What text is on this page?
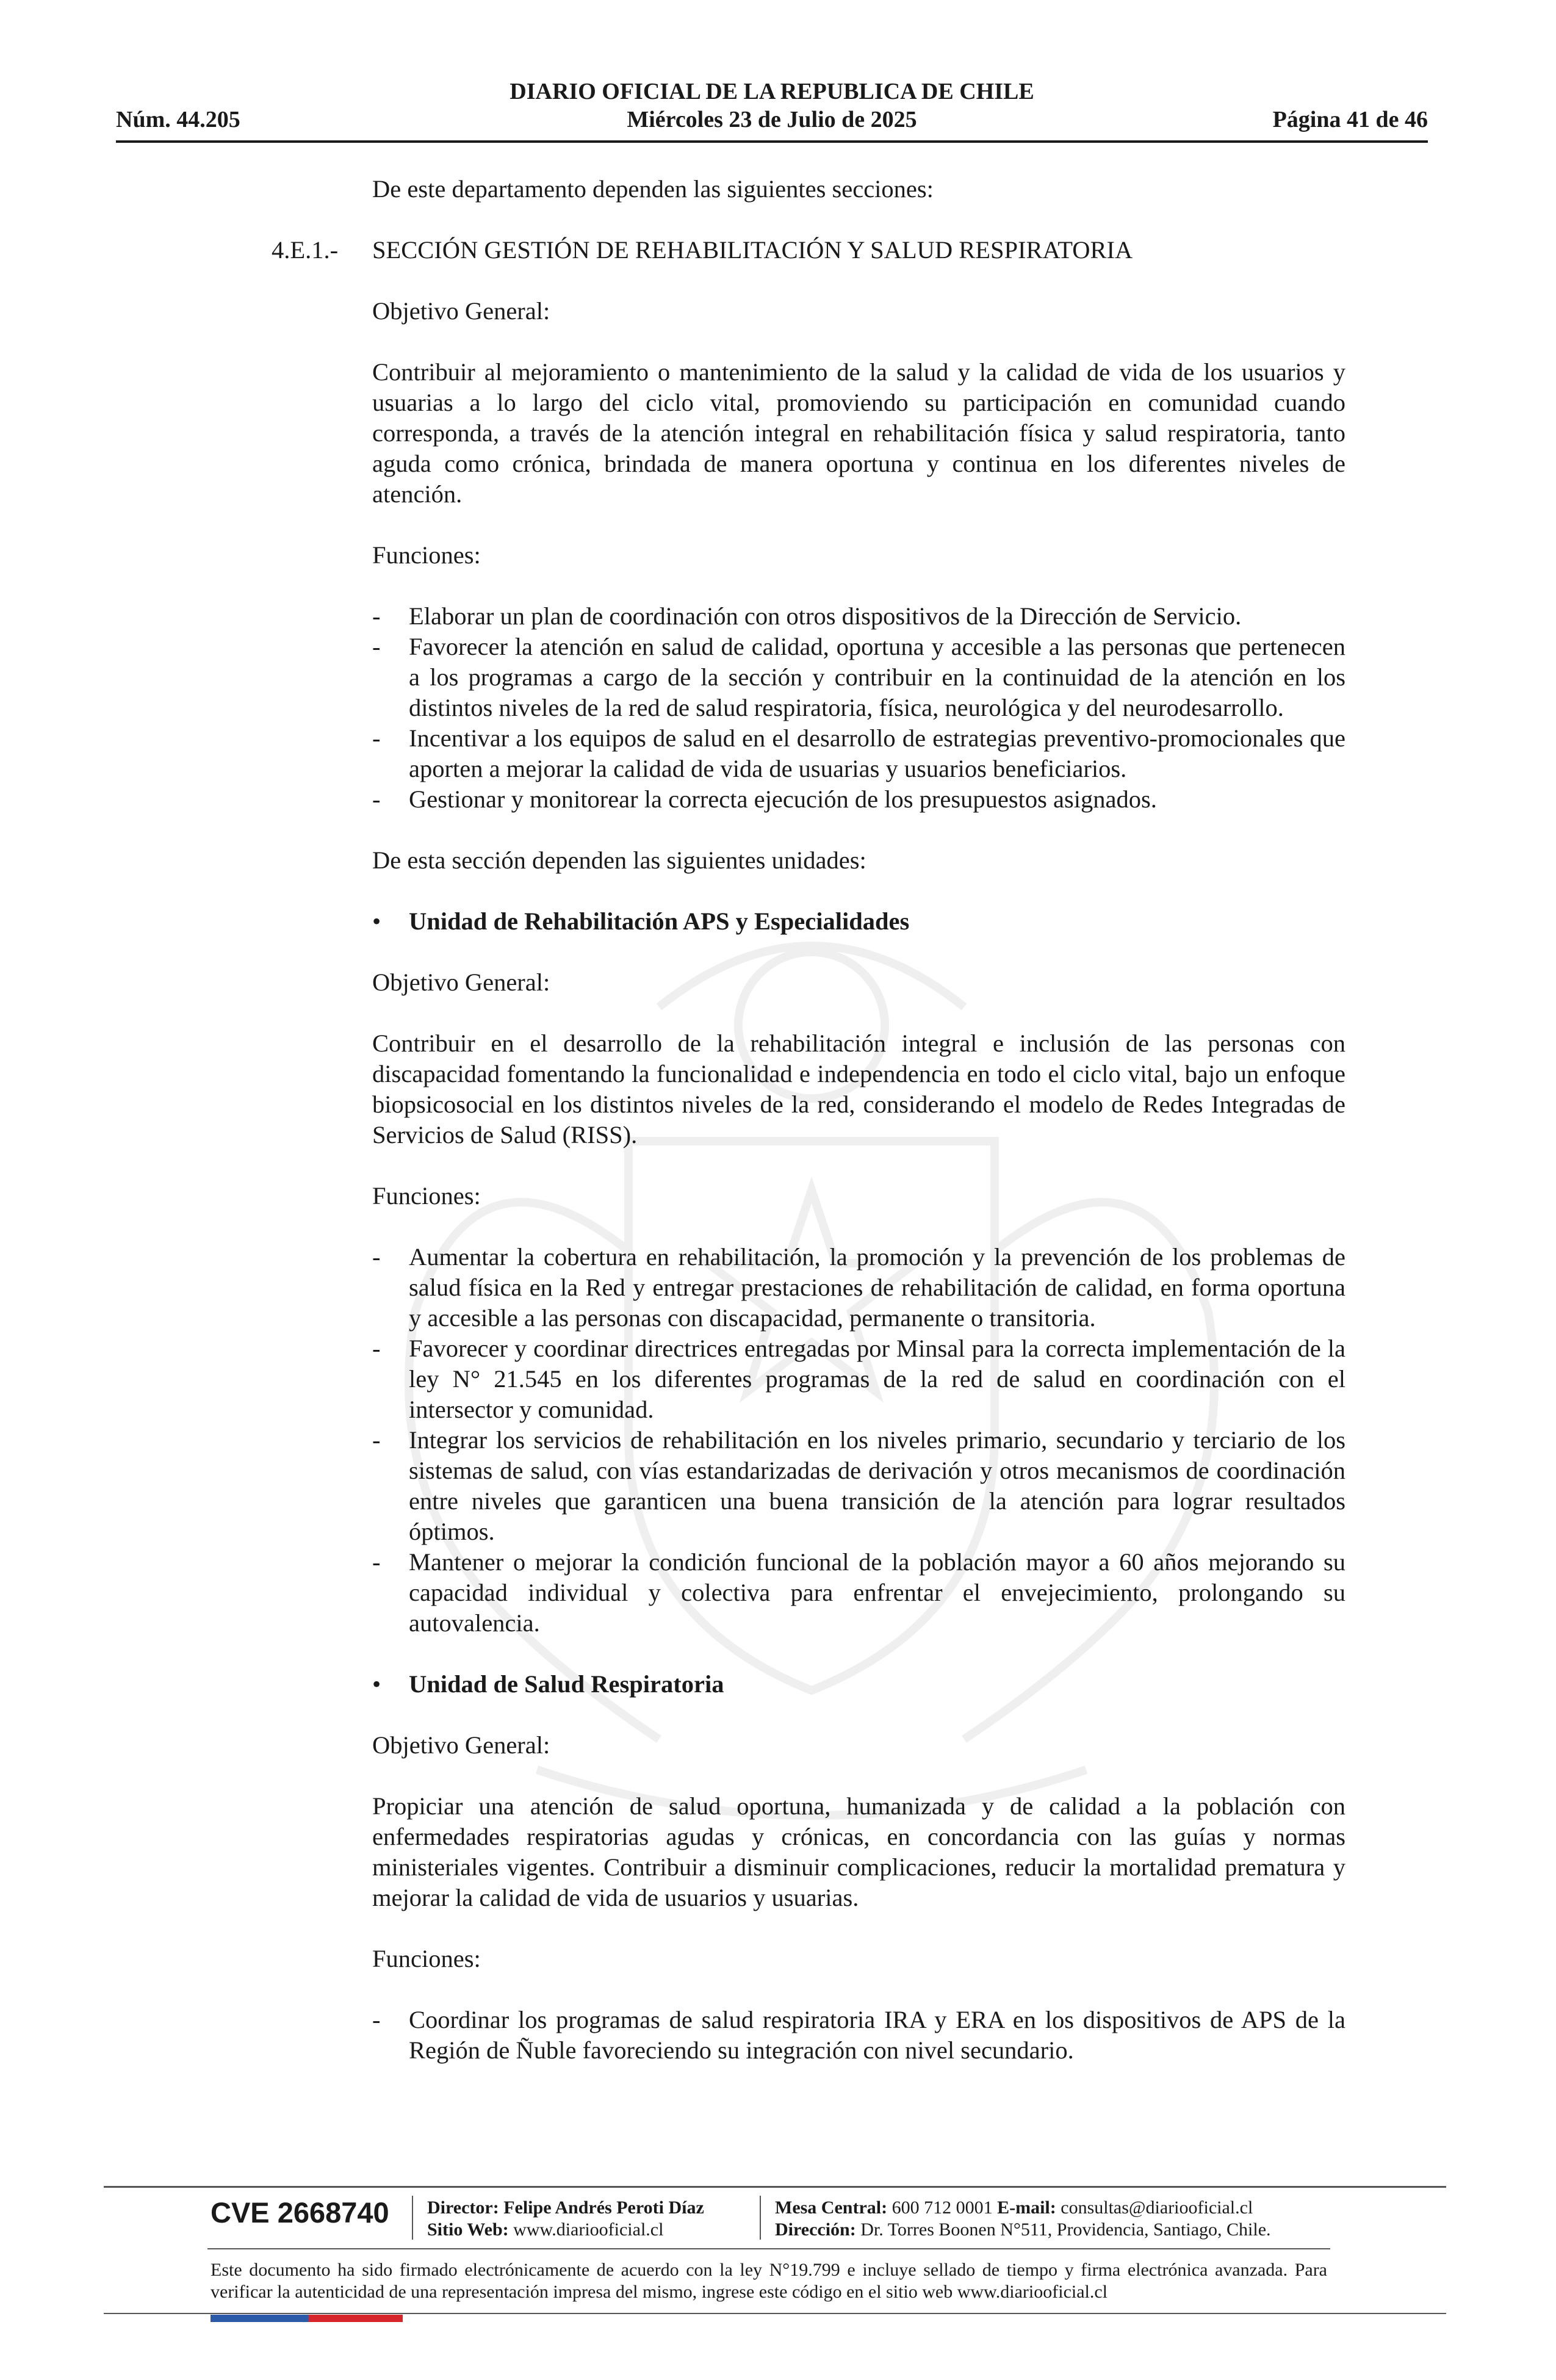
DIARIO OFICIAL DE LA REPUBLICA DE CHILE
Núm. 44.205	Miércoles 23 de Julio de 2025	Página 41 de 46

De este departamento dependen las siguientes secciones:

4.E.1.- SECCIÓN GESTIÓN DE REHABILITACIÓN Y SALUD RESPIRATORIA

Objetivo General:

Contribuir al mejoramiento o mantenimiento de la salud y la calidad de vida de los usuarios y usuarias a lo largo del ciclo vital, promoviendo su participación en comunidad cuando corresponda, a través de la atención integral en rehabilitación física y salud respiratoria, tanto aguda como crónica, brindada de manera oportuna y continua en los diferentes niveles de atención.

Funciones:

- Elaborar un plan de coordinación con otros dispositivos de la Dirección de Servicio.
- Favorecer la atención en salud de calidad, oportuna y accesible a las personas que pertenecen a los programas a cargo de la sección y contribuir en la continuidad de la atención en los distintos niveles de la red de salud respiratoria, física, neurológica y del neurodesarrollo.
- Incentivar a los equipos de salud en el desarrollo de estrategias preventivo-promocionales que aporten a mejorar la calidad de vida de usuarias y usuarios beneficiarios.
- Gestionar y monitorear la correcta ejecución de los presupuestos asignados.

De esta sección dependen las siguientes unidades:

• Unidad de Rehabilitación APS y Especialidades

Objetivo General:

Contribuir en el desarrollo de la rehabilitación integral e inclusión de las personas con discapacidad fomentando la funcionalidad e independencia en todo el ciclo vital, bajo un enfoque biopsicosocial en los distintos niveles de la red, considerando el modelo de Redes Integradas de Servicios de Salud (RISS).

Funciones:

- Aumentar la cobertura en rehabilitación, la promoción y la prevención de los problemas de salud física en la Red y entregar prestaciones de rehabilitación de calidad, en forma oportuna y accesible a las personas con discapacidad, permanente o transitoria.
- Favorecer y coordinar directrices entregadas por Minsal para la correcta implementación de la ley N° 21.545 en los diferentes programas de la red de salud en coordinación con el intersector y comunidad.
- Integrar los servicios de rehabilitación en los niveles primario, secundario y terciario de los sistemas de salud, con vías estandarizadas de derivación y otros mecanismos de coordinación entre niveles que garanticen una buena transición de la atención para lograr resultados óptimos.
- Mantener o mejorar la condición funcional de la población mayor a 60 años mejorando su capacidad individual y colectiva para enfrentar el envejecimiento, prolongando su autovalencia.
• Unidad de Salud Respiratoria

Objetivo General:

Propiciar una atención de salud oportuna, humanizada y de calidad a la población con enfermedades respiratorias agudas y crónicas, en concordancia con las guías y normas ministeriales vigentes. Contribuir a disminuir complicaciones, reducir la mortalidad prematura y mejorar la calidad de vida de usuarios y usuarias.

Funciones:

- Coordinar los programas de salud respiratoria IRA y ERA en los dispositivos de APS de la Región de Ñuble favoreciendo su integración con nivel secundario.
CVE 2668740 Director: Felipe Andrés Peroti Díaz
Sitio Web: www.diariooficial.cl
Mesa Central: 600 712 0001 E-mail: consultas@diariooficial.cl
Dirección: Dr. Torres Boonen N°511, Providencia, Santiago, Chile.
Este documento ha sido firmado electrónicamente de acuerdo con la ley N°19.799 e incluye sellado de tiempo y firma electrónica avanzada. Para verificar la autenticidad de una representación impresa del mismo, ingrese este código en el sitio web www.diariooficial.cl
